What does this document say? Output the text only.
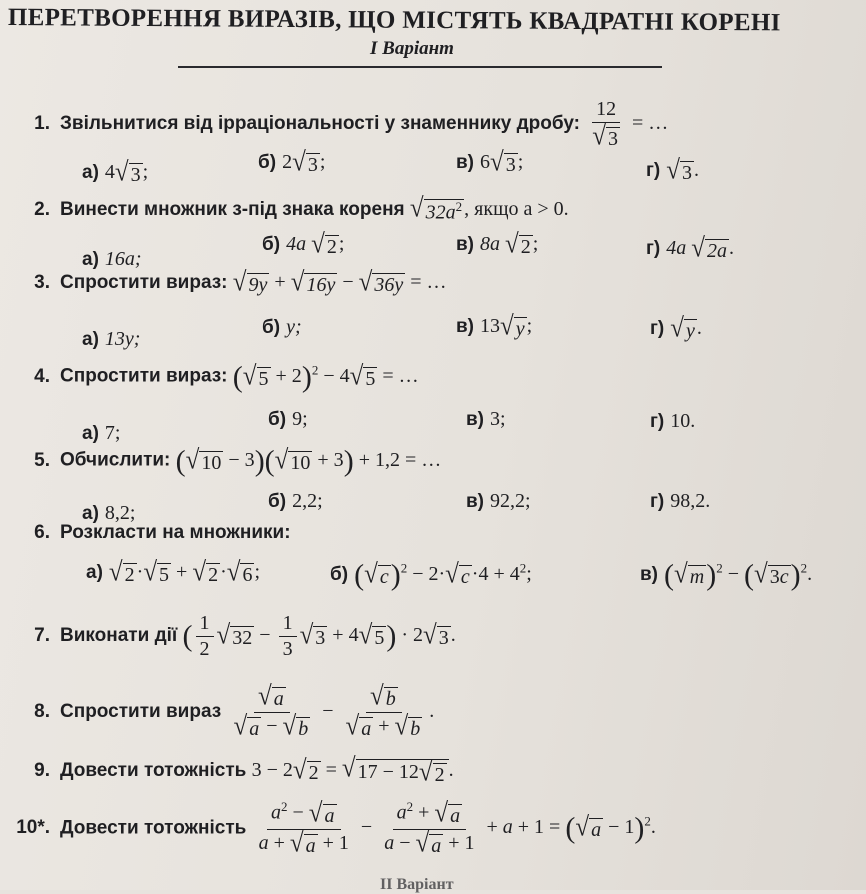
ПЕРЕТВОРЕННЯ ВИРАЗІВ, ЩО МІСТЯТЬ КВАДРАТНІ КОРЕНІ
I Варіант
1. Звільнитися від ірраціональності у знаменнику дробу: $\frac{12}{√ 3}$ = …
а) 4 √ 3 ;	б) 2 √ 3 ;	в) 6 √ 3 ;	г) √ 3 .
2. Винести множник з-під знака кореня √ $32a^2$ , якщо a > 0.
а) 16a;
б) 4a √ 2 ;	в) 8a √ 2 ;	г) 4a √ 2a .
3. Спростити вираз: √ 9y + √ 16y − √ 36y = …
а) 13y;
б) y;	в) 13 √ y ;	г) √ y .
4. Спростити вираз: ( √ 5 + 2)$^2$ − 4 √ 5 = …
а) 7;
б) 9;	в) 3;	г) 10.
5. Обчислити: ( √ 10 − 3)( √ 10 + 3) + 1,2 = …
а) 8,2;
б) 2,2;	в) 92,2;	г) 98,2.
6. Розкласти на множники:
а) √ 2 · √ 5 + √ 2 · √ 6 ;	б) ( √ c )$^2$ − 2· √ $c \cdot 4 + 4^2$;	в) ( √ m )$^2$ − ( √ 3c )$^2$.
7. Виконати дії ( $\frac{1}{2}$ √ $32 - \frac{1}{3}$ √ 3 + 4 √ 5 ) · 2 √ 3 .
8. Спростити вираз $\frac{√ a}{√ a - √ b} - \frac{√ b}{√ a + √ b}$ .
9. Довести тотожність 3 − 2 √ 2 = √ 17 − 12 √ 2 .
10*. Довести тотожність $\frac{a^2 - √ a}{a + √ a + 1} - \frac{a^2 + √ a}{a - √ a + 1} + a + 1$ = ( √ a − 1)$^2$.
II Варіант
